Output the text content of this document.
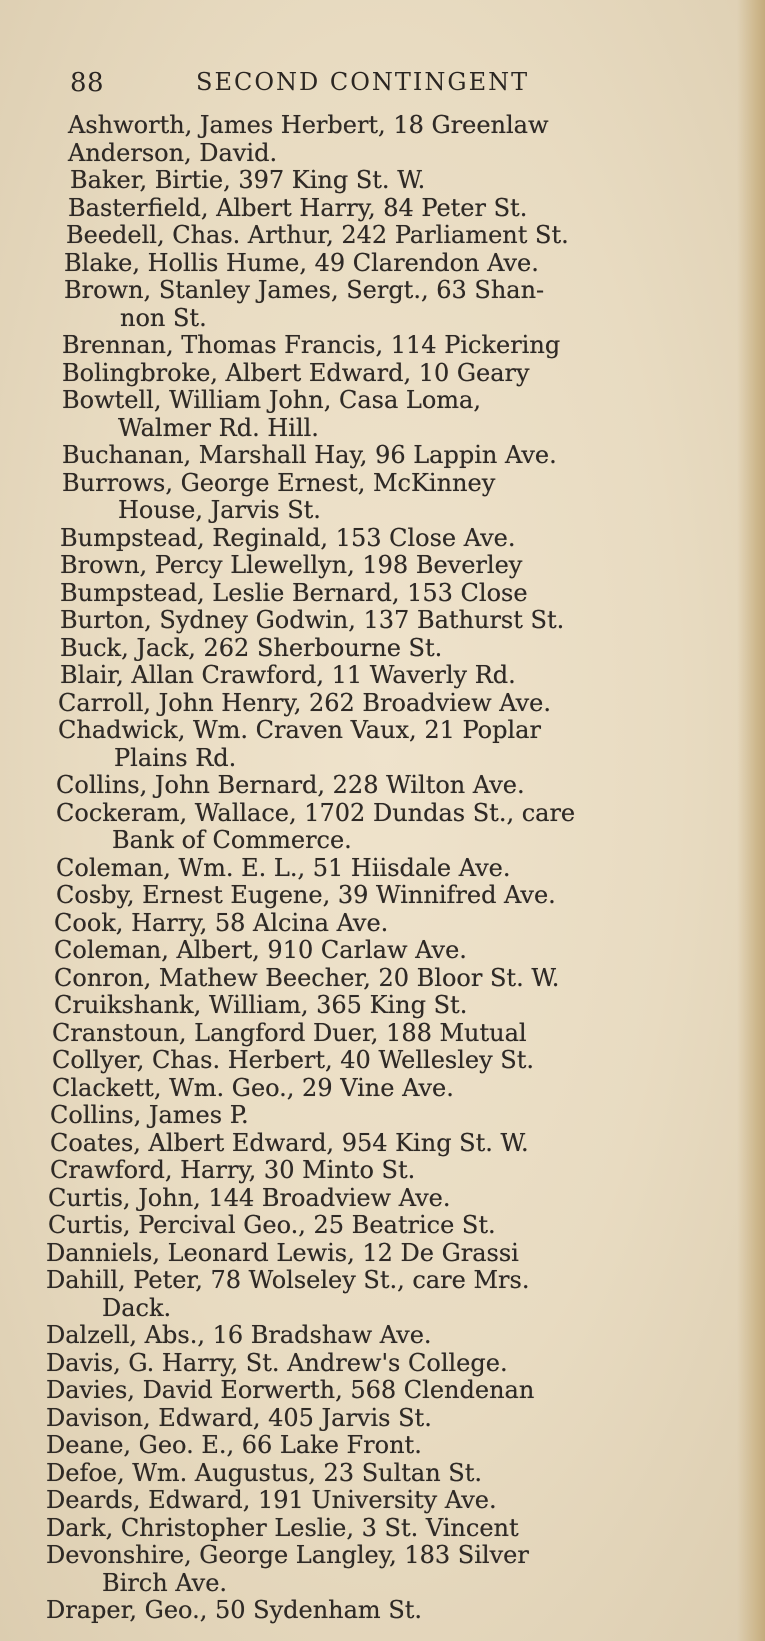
88	SECOND CONTINGENT
Ashworth, James Herbert, 18 Greenlaw
Anderson, David.
Baker, Birtie, 397 King St. W.
Basterfield, Albert Harry, 84 Peter St.
Beedell, Chas. Arthur, 242 Parliament St.
Blake, Hollis Hume, 49 Clarendon Ave.
Brown, Stanley James, Sergt., 63 Shan-
non St.
Brennan, Thomas Francis, 114 Pickering
Bolingbroke, Albert Edward, 10 Geary
Bowtell, William John, Casa Loma,
Walmer Rd. Hill.
Buchanan, Marshall Hay, 96 Lappin Ave.
Burrows, George Ernest, McKinney
House, Jarvis St.
Bumpstead, Reginald, 153 Close Ave.
Brown, Percy Llewellyn, 198 Beverley
Bumpstead, Leslie Bernard, 153 Close
Burton, Sydney Godwin, 137 Bathurst St.
Buck, Jack, 262 Sherbourne St.
Blair, Allan Crawford, 11 Waverly Rd.
Carroll, John Henry, 262 Broadview Ave.
Chadwick, Wm. Craven Vaux, 21 Poplar
Plains Rd.
Collins, John Bernard, 228 Wilton Ave.
Cockeram, Wallace, 1702 Dundas St., care
Bank of Commerce.
Coleman, Wm. E. L., 51 Hiisdale Ave.
Cosby, Ernest Eugene, 39 Winnifred Ave.
Cook, Harry, 58 Alcina Ave.
Coleman, Albert, 910 Carlaw Ave.
Conron, Mathew Beecher, 20 Bloor St. W.
Cruikshank, William, 365 King St.
Cranstoun, Langford Duer, 188 Mutual
Collyer, Chas. Herbert, 40 Wellesley St.
Clackett, Wm. Geo., 29 Vine Ave.
Collins, James P.
Coates, Albert Edward, 954 King St. W.
Crawford, Harry, 30 Minto St.
Curtis, John, 144 Broadview Ave.
Curtis, Percival Geo., 25 Beatrice St.
Danniels, Leonard Lewis, 12 De Grassi
Dahill, Peter, 78 Wolseley St., care Mrs.
Dack.
Dalzell, Abs., 16 Bradshaw Ave.
Davis, G. Harry, St. Andrew's College.
Davies, David Eorwerth, 568 Clendenan
Davison, Edward, 405 Jarvis St.
Deane, Geo. E., 66 Lake Front.
Defoe, Wm. Augustus, 23 Sultan St.
Deards, Edward, 191 University Ave.
Dark, Christopher Leslie, 3 St. Vincent
Devonshire, George Langley, 183 Silver
Birch Ave.
Draper, Geo., 50 Sydenham St.
